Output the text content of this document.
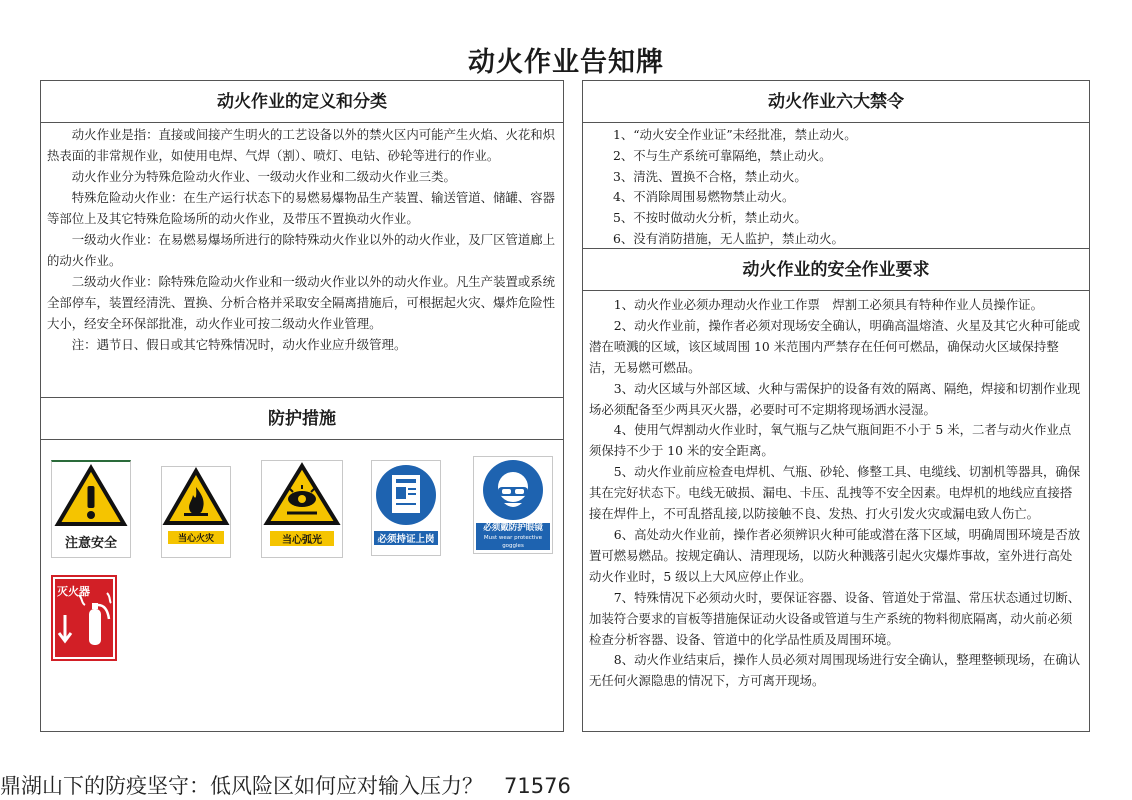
动火作业告知牌
动火作业的定义和分类

动火作业是指：直接或间接产生明火的工艺设备以外的禁火区内可能产生火焰、火花和炽热表面的非常规作业，如使用电焊、气焊（割）、喷灯、电钻、砂轮等进行的作业。

动火作业分为特殊危险动火作业、一级动火作业和二级动火作业三类。

特殊危险动火作业：在生产运行状态下的易燃易爆物品生产装置、输送管道、储罐、容器等部位上及其它特殊危险场所的动火作业，及带压不置换动火作业。

一级动火作业：在易燃易爆场所进行的除特殊动火作业以外的动火作业，及厂区管道廊上的动火作业。

二级动火作业：除特殊危险动火作业和一级动火作业以外的动火作业。凡生产装置或系统全部停车，装置经清洗、置换、分析合格并采取安全隔离措施后，可根据起火灾、爆炸危险性大小，经安全环保部批准，动火作业可按二级动火作业管理。

注：遇节日、假日或其它特殊情况时，动火作业应升级管理。

防护措施
注意安全	当心火灾	当心弧光	必须持证上岗
必须戴防护眼镜
Must wear protective goggles
灭火器
动火作业六大禁令
1、“动火安全作业证”未经批准，禁止动火。
2、不与生产系统可靠隔绝，禁止动火。
3、清洗、置换不合格，禁止动火。
4、不消除周围易燃物禁止动火。
5、不按时做动火分析，禁止动火。
6、没有消防措施，无人监护，禁止动火。
动火作业的安全作业要求

1、动火作业必须办理动火作业工作票　焊割工必须具有特种作业人员操作证。

2、动火作业前，操作者必须对现场安全确认，明确高温熔渣、火星及其它火种可能或潜在喷溅的区域，该区域周围 10 米范围内严禁存在任何可燃品，确保动火区域保持整洁，无易燃可燃品。

3、动火区域与外部区域、火种与需保护的设备有效的隔离、隔绝，焊接和切割作业现场必须配备至少两具灭火器，必要时可不定期将现场洒水浸湿。

4、使用气焊割动火作业时，氧气瓶与乙炔气瓶间距不小于 5 米，二者与动火作业点须保持不少于 10 米的安全距离。

5、动火作业前应检查电焊机、气瓶、砂轮、修整工具、电缆线、切割机等器具，确保其在完好状态下。电线无破损、漏电、卡压、乱拽等不安全因素。电焊机的地线应直接搭接在焊件上，不可乱搭乱接,以防接触不良、发热、打火引发火灾或漏电致人伤亡。

6、高处动火作业前，操作者必须辨识火种可能或潜在落下区域，明确周围环境是否放置可燃易燃品。按规定确认、清理现场，以防火种溅落引起火灾爆炸事故，室外进行高处动火作业时，5 级以上大风应停止作业。

7、特殊情况下必须动火时，要保证容器、设备、管道处于常温、常压状态通过切断、加装符合要求的盲板等措施保证动火设备或管道与生产系统的物料彻底隔离，动火前必须检查分析容器、设备、管道中的化学品性质及周围环境。

8、动火作业结束后，操作人员必须对周围现场进行安全确认，整理整顿现场，在确认无任何火源隐患的情况下，方可离开现场。

鼎湖山下的防疫坚守：低风险区如何应对输入压力？　71576
